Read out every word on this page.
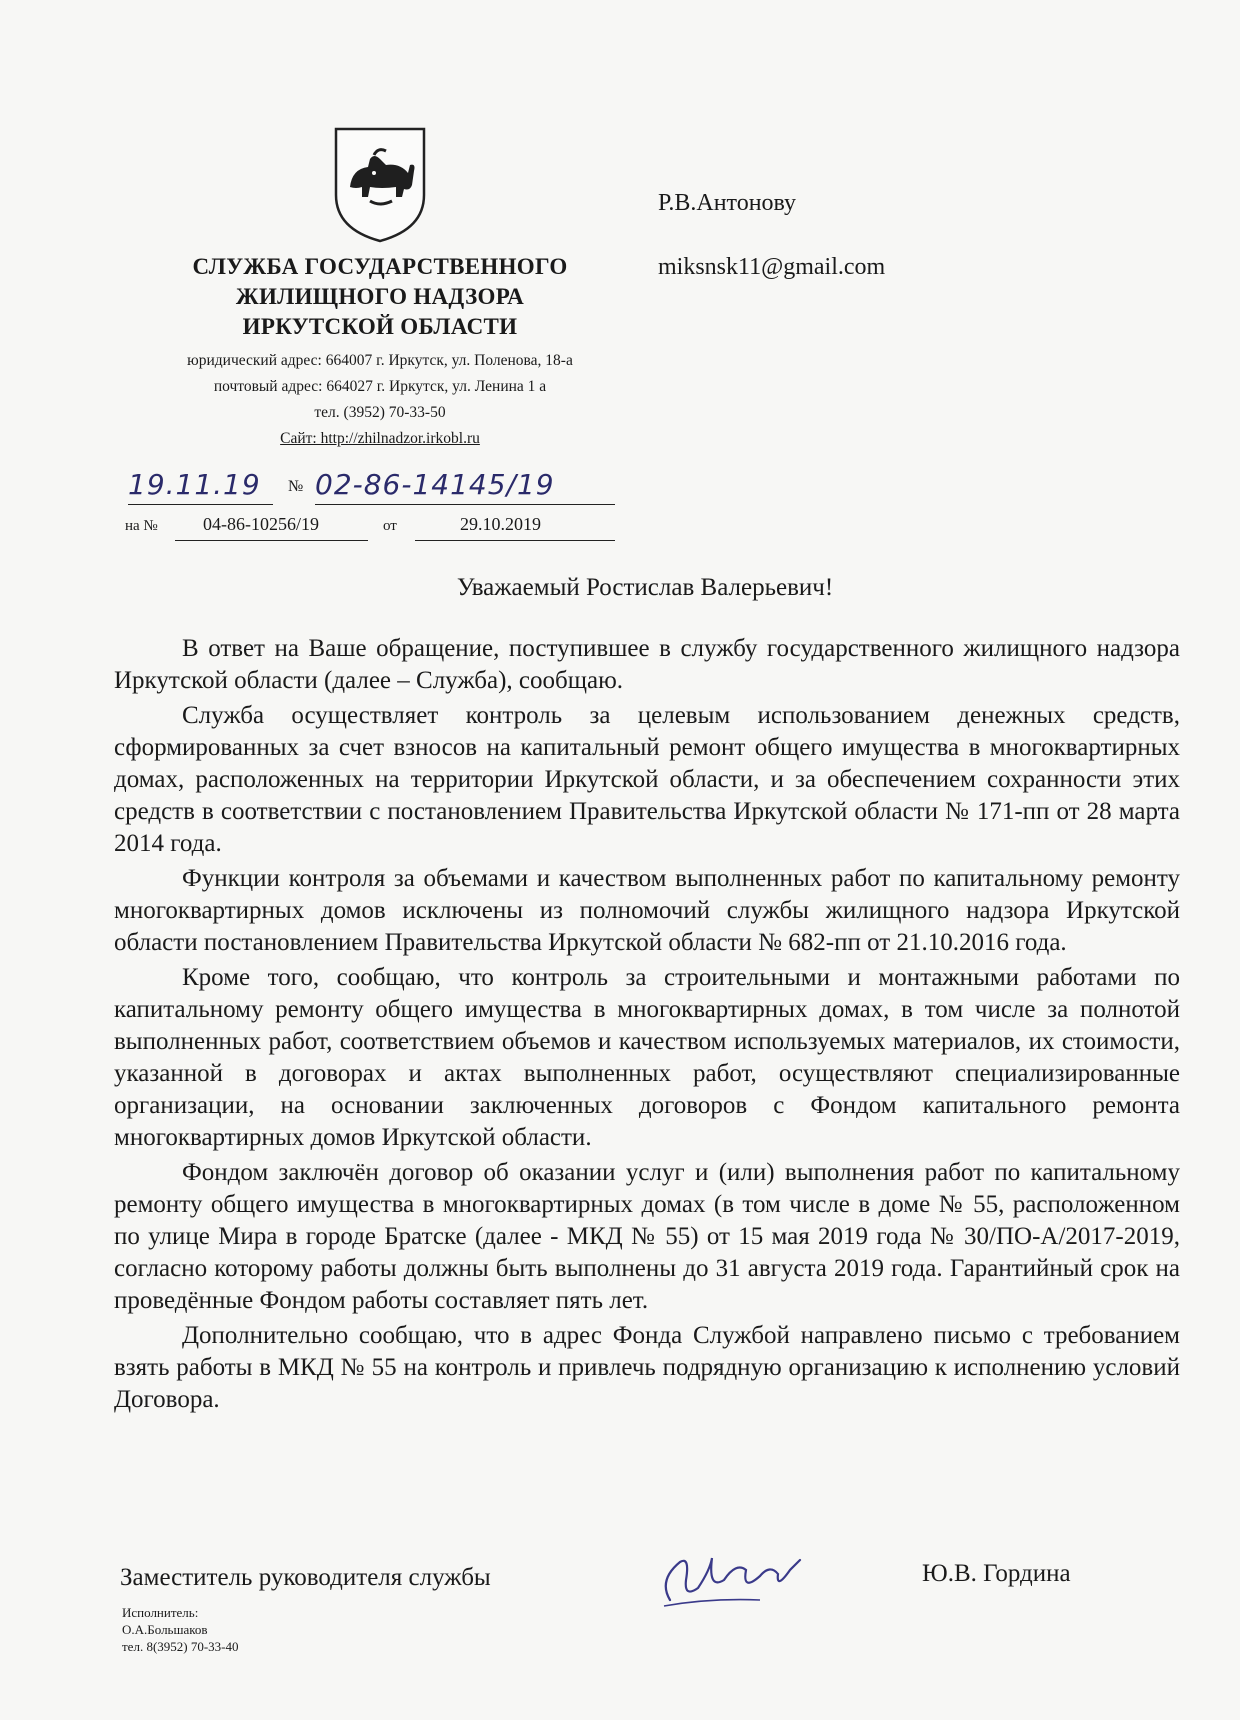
СЛУЖБА ГОСУДАРСТВЕННОГО
ЖИЛИЩНОГО НАДЗОРА
ИРКУТСКОЙ ОБЛАСТИ
юридический адрес: 664007 г. Иркутск, ул. Поленова, 18-а
почтовый адрес: 664027 г. Иркутск, ул. Ленина 1 а
тел. (3952) 70-33-50
Сайт: http://zhilnadzor.irkobl.ru
Р.В.Антонову
miksnsk11@gmail.com
19.11.19 № 02-86-14145/19
на №	04-86-10256/19	от	29.10.2019
Уважаемый Ростислав Валерьевич!

В ответ на Ваше обращение, поступившее в службу государственного жилищного надзора Иркутской области (далее – Служба), сообщаю.

Служба осуществляет контроль за целевым использованием денежных средств, сформированных за счет взносов на капитальный ремонт общего имущества в многоквартирных домах, расположенных на территории Иркутской области, и за обеспечением сохранности этих средств в соответствии с постановлением Правительства Иркутской области № 171-пп от 28 марта 2014 года.

Функции контроля за объемами и качеством выполненных работ по капитальному ремонту многоквартирных домов исключены из полномочий службы жилищного надзора Иркутской области постановлением Правительства Иркутской области № 682-пп от 21.10.2016 года.

Кроме того, сообщаю, что контроль за строительными и монтажными работами по капитальному ремонту общего имущества в многоквартирных домах, в том числе за полнотой выполненных работ, соответствием объемов и качеством используемых материалов, их стоимости, указанной в договорах и актах выполненных работ, осуществляют специализированные организации, на основании заключенных договоров с Фондом капитального ремонта многоквартирных домов Иркутской области.

Фондом заключён договор об оказании услуг и (или) выполнения работ по капитальному ремонту общего имущества в многоквартирных домах (в том числе в доме № 55, расположенном по улице Мира в городе Братске (далее - МКД № 55) от 15 мая 2019 года № 30/ПО-А/2017-2019, согласно которому работы должны быть выполнены до 31 августа 2019 года. Гарантийный срок на проведённые Фондом работы составляет пять лет.

Дополнительно сообщаю, что в адрес Фонда Службой направлено письмо с требованием взять работы в МКД № 55 на контроль и привлечь подрядную организацию к исполнению условий Договора.

Заместитель руководителя службы	Ю.В. Гордина
Исполнитель:
О.А.Большаков
тел. 8(3952) 70-33-40
